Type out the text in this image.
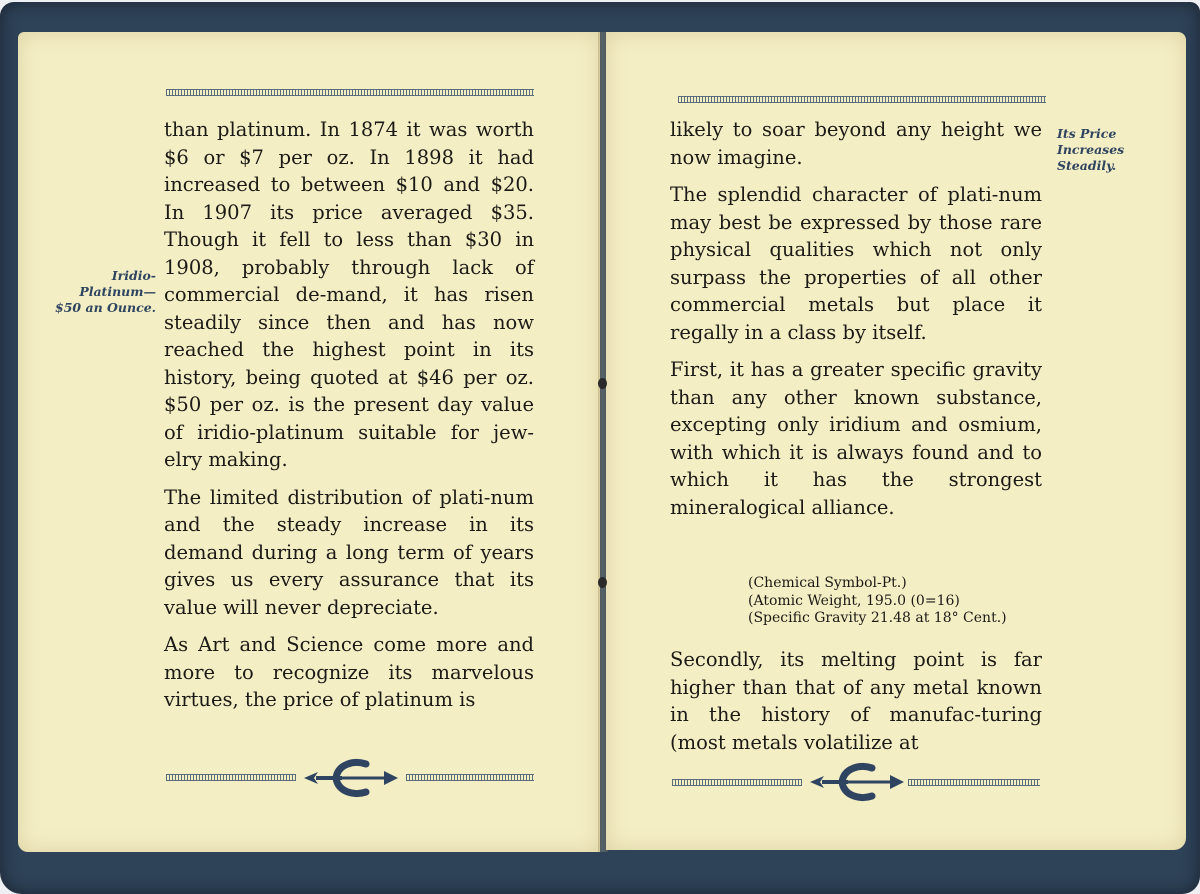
Iridio-
Platinum—
$50 an Ounce.

than platinum. In 1874 it was worth $6 or $7 per oz. In 1898 it had increased to between $10 and $20. In 1907 its price averaged $35. Though it fell to less than $30 in 1908, probably through lack of commercial de-mand, it has risen steadily since then and has now reached the highest point in its history, being quoted at $46 per oz. $50 per oz. is the present day value of iridio-platinum suitable for jew-elry making.

The limited distribution of plati-num and the steady increase in its demand during a long term of years gives us every assurance that its value will never depreciate.

As Art and Science come more and more to recognize its marvelous virtues, the price of platinum is

Its Price
Increases
Steadily.

likely to soar beyond any height we now imagine.

The splendid character of plati-num may best be expressed by those rare physical qualities which not only surpass the properties of all other commercial metals but place it regally in a class by itself.

First, it has a greater specific gravity than any other known substance, excepting only iridium and osmium, with which it is always found and to which it has the strongest mineralogical alliance.

(Chemical Symbol-Pt.)
(Atomic Weight, 195.0 (0=16)
(Specific Gravity 21.48 at 18° Cent.)

Secondly, its melting point is far higher than that of any metal known in the history of manufac-turing (most metals volatilize at
